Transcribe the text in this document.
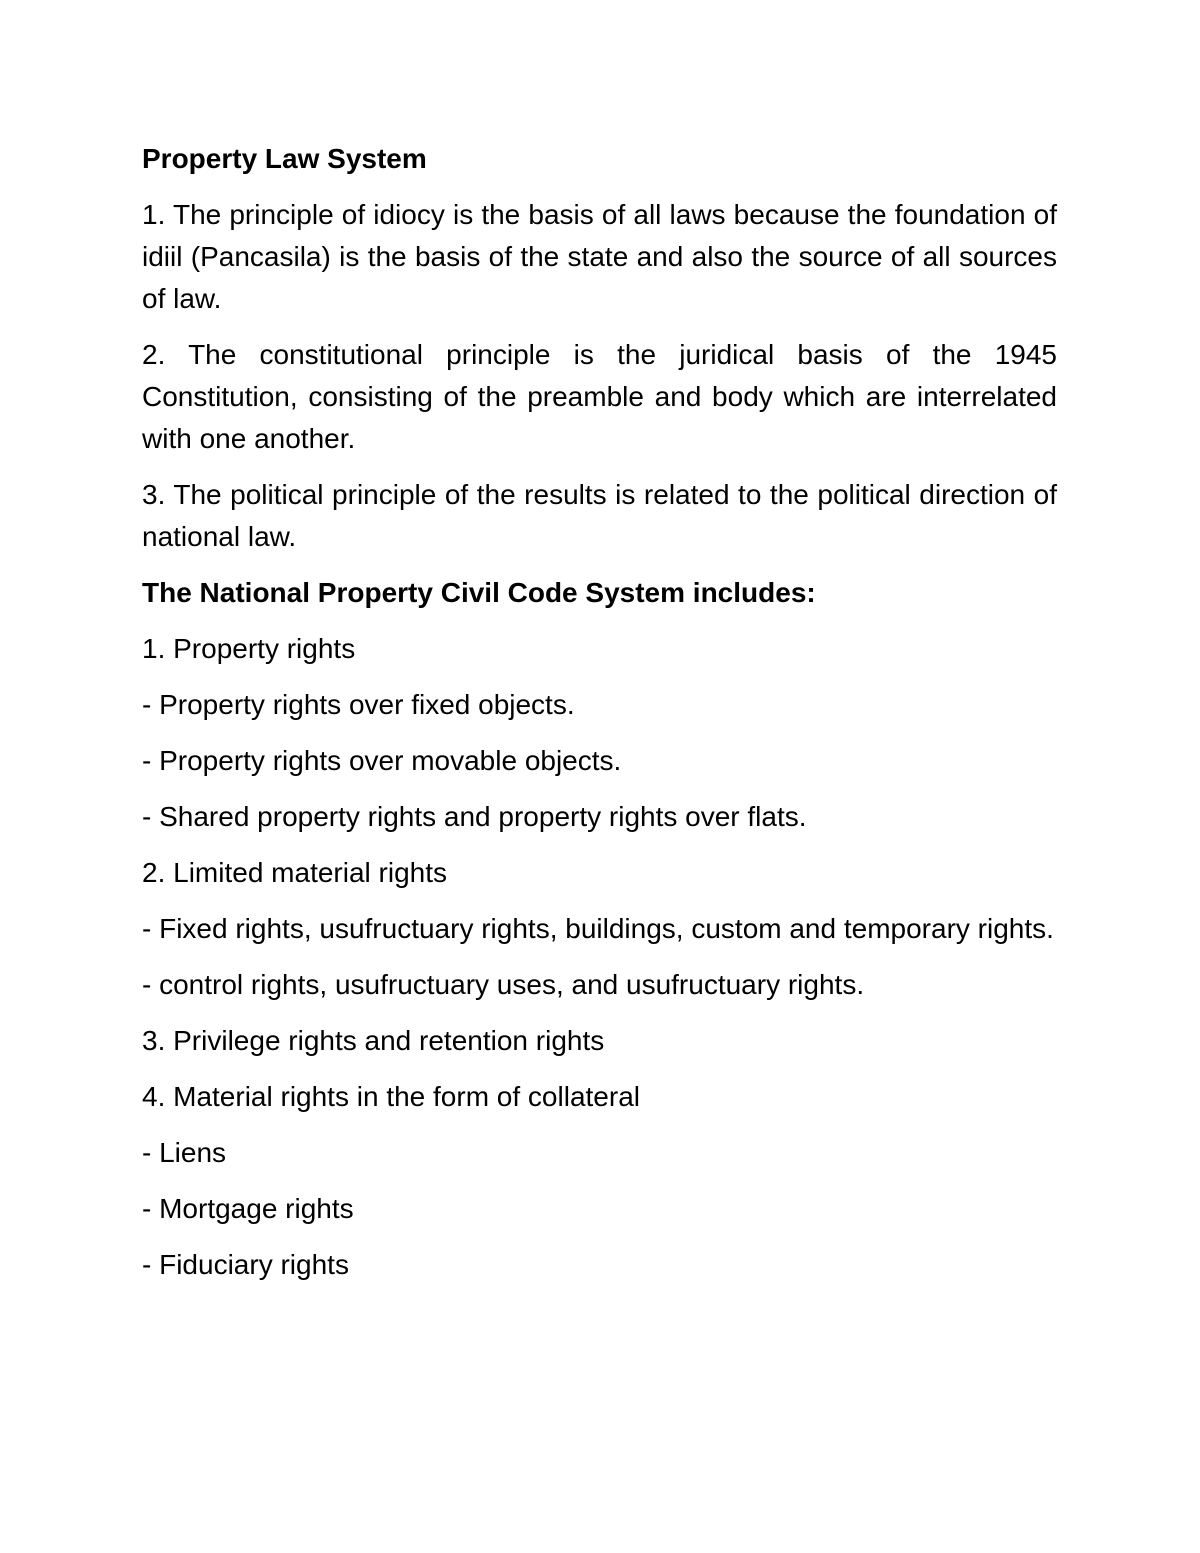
Property Law System

1. The principle of idiocy is the basis of all laws because the foundation of idiil (Pancasila) is the basis of the state and also the source of all sources of law.

2. The constitutional principle is the juridical basis of the 1945 Constitution, consisting of the preamble and body which are interrelated with one another.

3. The political principle of the results is related to the political direction of national law.

The National Property Civil Code System includes:

1. Property rights

- Property rights over fixed objects.

- Property rights over movable objects.

- Shared property rights and property rights over flats.

2. Limited material rights

- Fixed rights, usufructuary rights, buildings, custom and temporary rights.

- control rights, usufructuary uses, and usufructuary rights.

3. Privilege rights and retention rights

4. Material rights in the form of collateral

- Liens

- Mortgage rights

- Fiduciary rights
